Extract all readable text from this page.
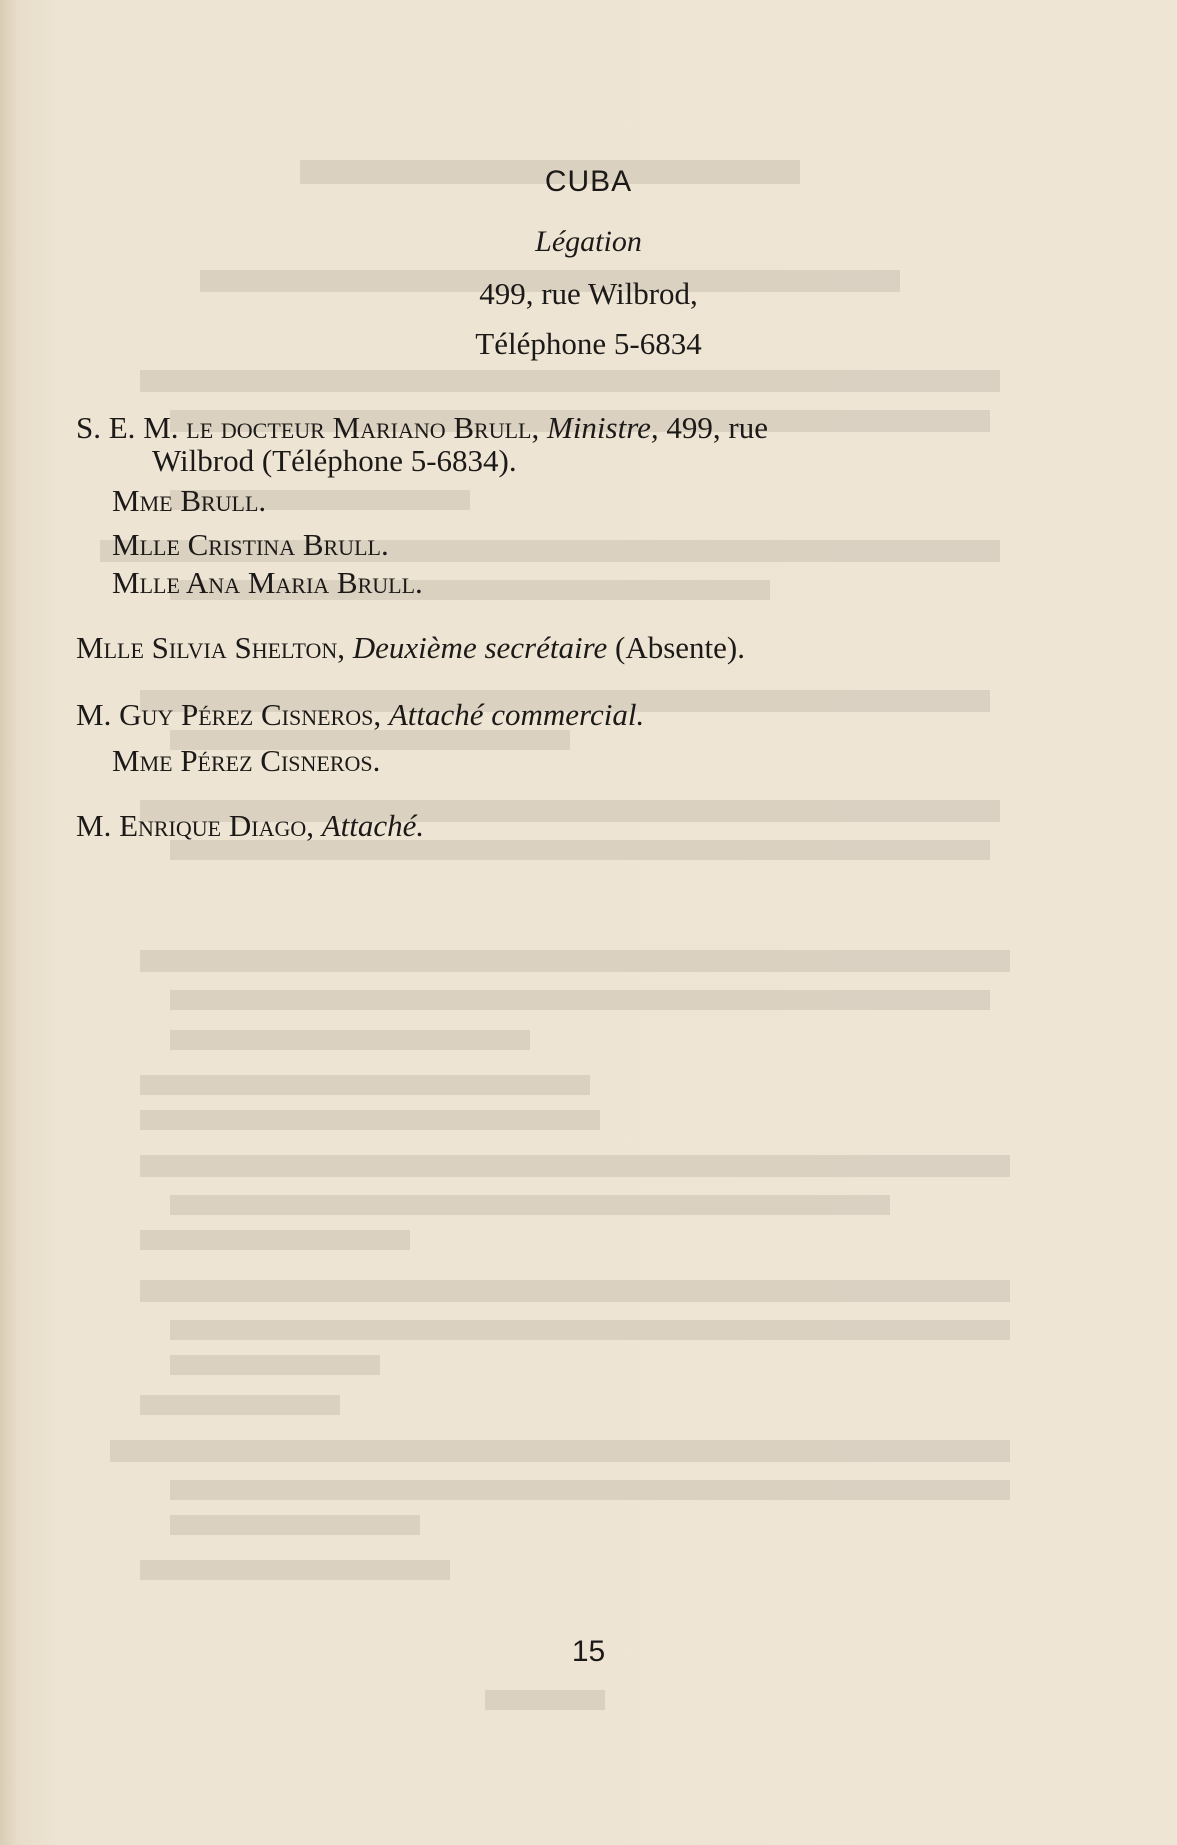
CUBA
Légation
499, rue Wilbrod,
Téléphone 5-6834
S. E. M. le docteur Mariano Brull, Ministre, 499, rue
Wilbrod (Téléphone 5-6834).
Mme Brull.
Mlle Cristina Brull.
Mlle Ana Maria Brull.
Mlle Silvia Shelton, Deuxième secrétaire (Absente).
M. Guy Pérez Cisneros, Attaché commercial.
Mme Pérez Cisneros.
M. Enrique Diago, Attaché.
15
